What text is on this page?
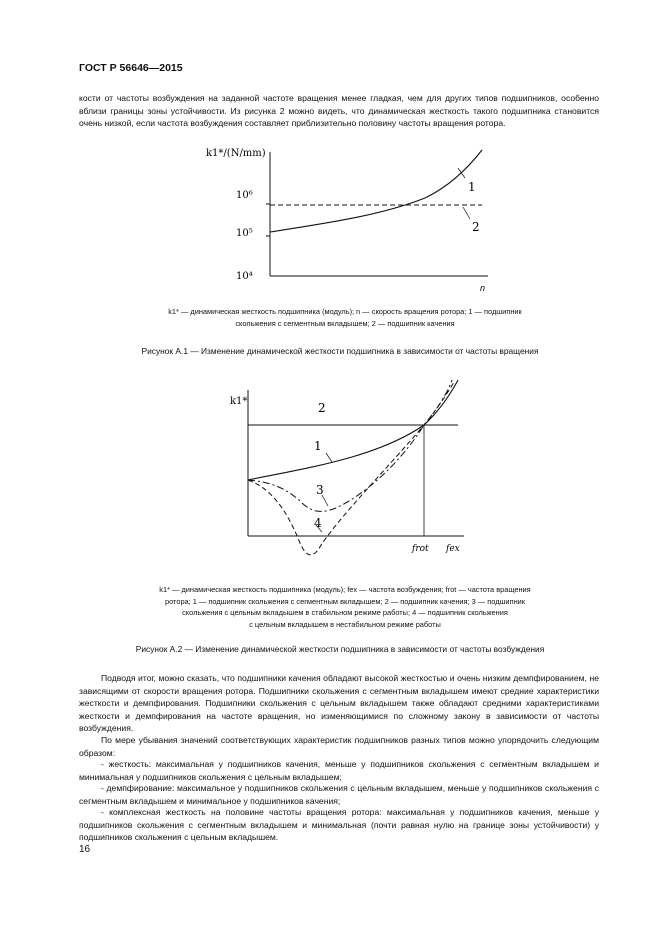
ГОСТ Р 56646—2015

кости от частоты возбуждения на заданной частоте вращения менее гладкая, чем для других типов подшипников, особенно вблизи границы зоны устойчивости. Из рисунка 2 можно видеть, что динамическая жесткость такого подшипника становится очень низкой, если частота возбуждения составляет приблизительно половину частоты вращения ротора.

k1*/(N/mm)
10⁶
10⁵
10⁴
1
2
n
k1* — динамическая жесткость подшипника (модуль); n — скорость вращения ротора; 1 — подшипник
скольжения с сегментным вкладышем; 2 — подшипник качения
Рисунок А.1 — Изменение динамической жесткости подшипника в зависимости от частоты вращения
k1*	2
1
3
4
frot fex
k1* — динамическая жесткость подшипника (модуль); fex — частота возбуждения; frot — частота вращения
ротора; 1 — подшипник скольжения с сегментным вкладышем; 2 — подшипник качения; 3 — подшипник
скольжения с цельным вкладышем в стабильном режиме работы; 4 — подшипник скольжения
с цельным вкладышем в нестабильном режиме работы
Рисунок А.2 — Изменение динамической жесткости подшипника в зависимости от частоты возбуждения

Подводя итог, можно сказать, что подшипники качения обладают высокой жесткостью и очень низким демпфированием, не зависящими от скорости вращения ротора. Подшипники скольжения с сегментным вкладышем имеют средние характеристики жесткости и демпфирования. Подшипники скольжения с цельным вкладышем также обладают средними характеристиками жесткости и демпфирования на частоте вращения, но изменяющимися по сложному закону в зависимости от частоты возбуждения.

По мере убывания значений соответствующих характеристик подшипников разных типов можно упорядочить следующим образом:

- жесткость: максимальная у подшипников качения, меньше у подшипников скольжения с сегментным вкладышем и минимальная у подшипников скольжения с цельным вкладышем;

- демпфирование: максимальное у подшипников скольжения с цельным вкладышем, меньше у подшипников скольжения с сегментным вкладышем и минимальное у подшипников качения;

- комплексная жесткость на половине частоты вращения ротора: максимальная у подшипников качения, меньше у подшипников скольжения с сегментным вкладышем и минимальная (почти равная нулю на границе зоны устойчивости) у подшипников скольжения с цельным вкладышем.

16
